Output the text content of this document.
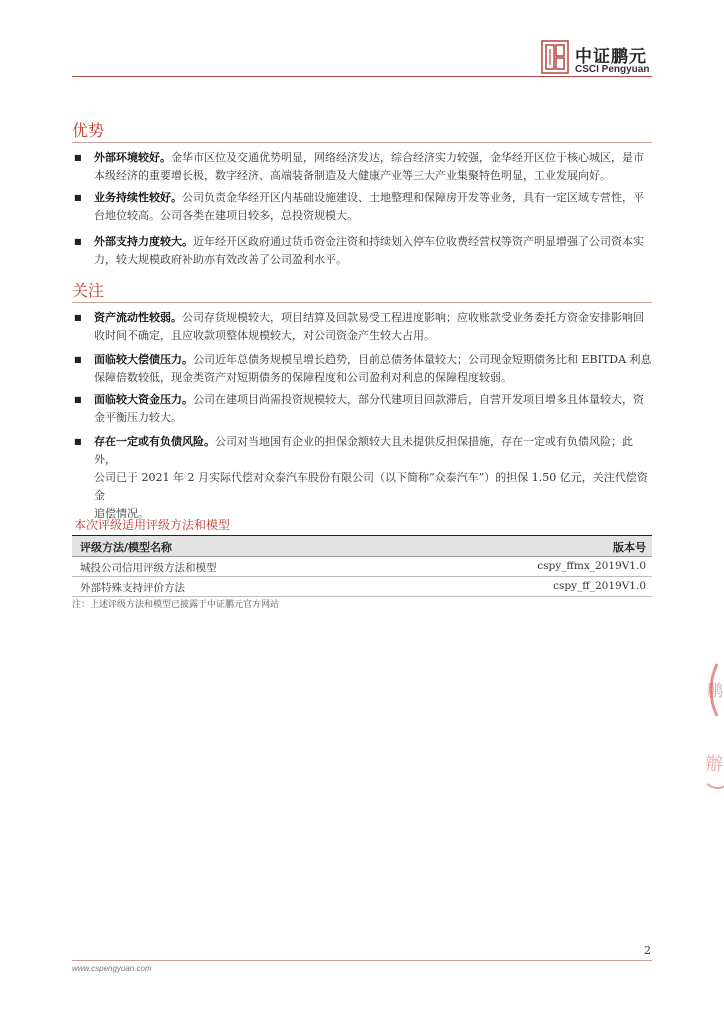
中证鹏元
CSCI Pengyuan
优势
■ 外部环境较好。金华市区位及交通优势明显，网络经济发达，综合经济实力较强，金华经开区位于核心城区，是市
本级经济的重要增长极，数字经济、高端装备制造及大健康产业等三大产业集聚特色明显，工业发展向好。
■ 业务持续性较好。公司负责金华经开区内基础设施建设、土地整理和保障房开发等业务，具有一定区域专营性，平
台地位较高。公司各类在建项目较多，总投资规模大。
■ 外部支持力度较大。近年经开区政府通过货币资金注资和持续划入停车位收费经营权等资产明显增强了公司资本实
力，较大规模政府补助亦有效改善了公司盈利水平。
关注
■ 资产流动性较弱。公司存货规模较大，项目结算及回款易受工程进度影响；应收账款受业务委托方资金安排影响回
收时间不确定，且应收款项整体规模较大，对公司资金产生较大占用。
■ 面临较大偿债压力。公司近年总债务规模呈增长趋势，目前总债务体量较大；公司现金短期债务比和 EBITDA 利息
保障倍数较低，现金类资产对短期债务的保障程度和公司盈利对利息的保障程度较弱。
■ 面临较大资金压力。公司在建项目尚需投资规模较大，部分代建项目回款滞后，自营开发项目增多且体量较大，资
金平衡压力较大。
■ 存在一定或有负债风险。公司对当地国有企业的担保金额较大且未提供反担保措施，存在一定或有负债风险；此外，
公司已于 2021 年 2 月实际代偿对众泰汽车股份有限公司（以下简称“众泰汽车”）的担保 1.50 亿元，关注代偿资金
追偿情况。
本次评级适用评级方法和模型
评级方法/模型名称	版本号
城投公司信用评级方法和模型	cspy_ffmx_2019V1.0
外部特殊支持评价方法	cspy_ff_2019V1.0
注：上述评级方法和模型已披露于中证鹏元官方网站
鹏
辦
2
www.cspengyuan.com
